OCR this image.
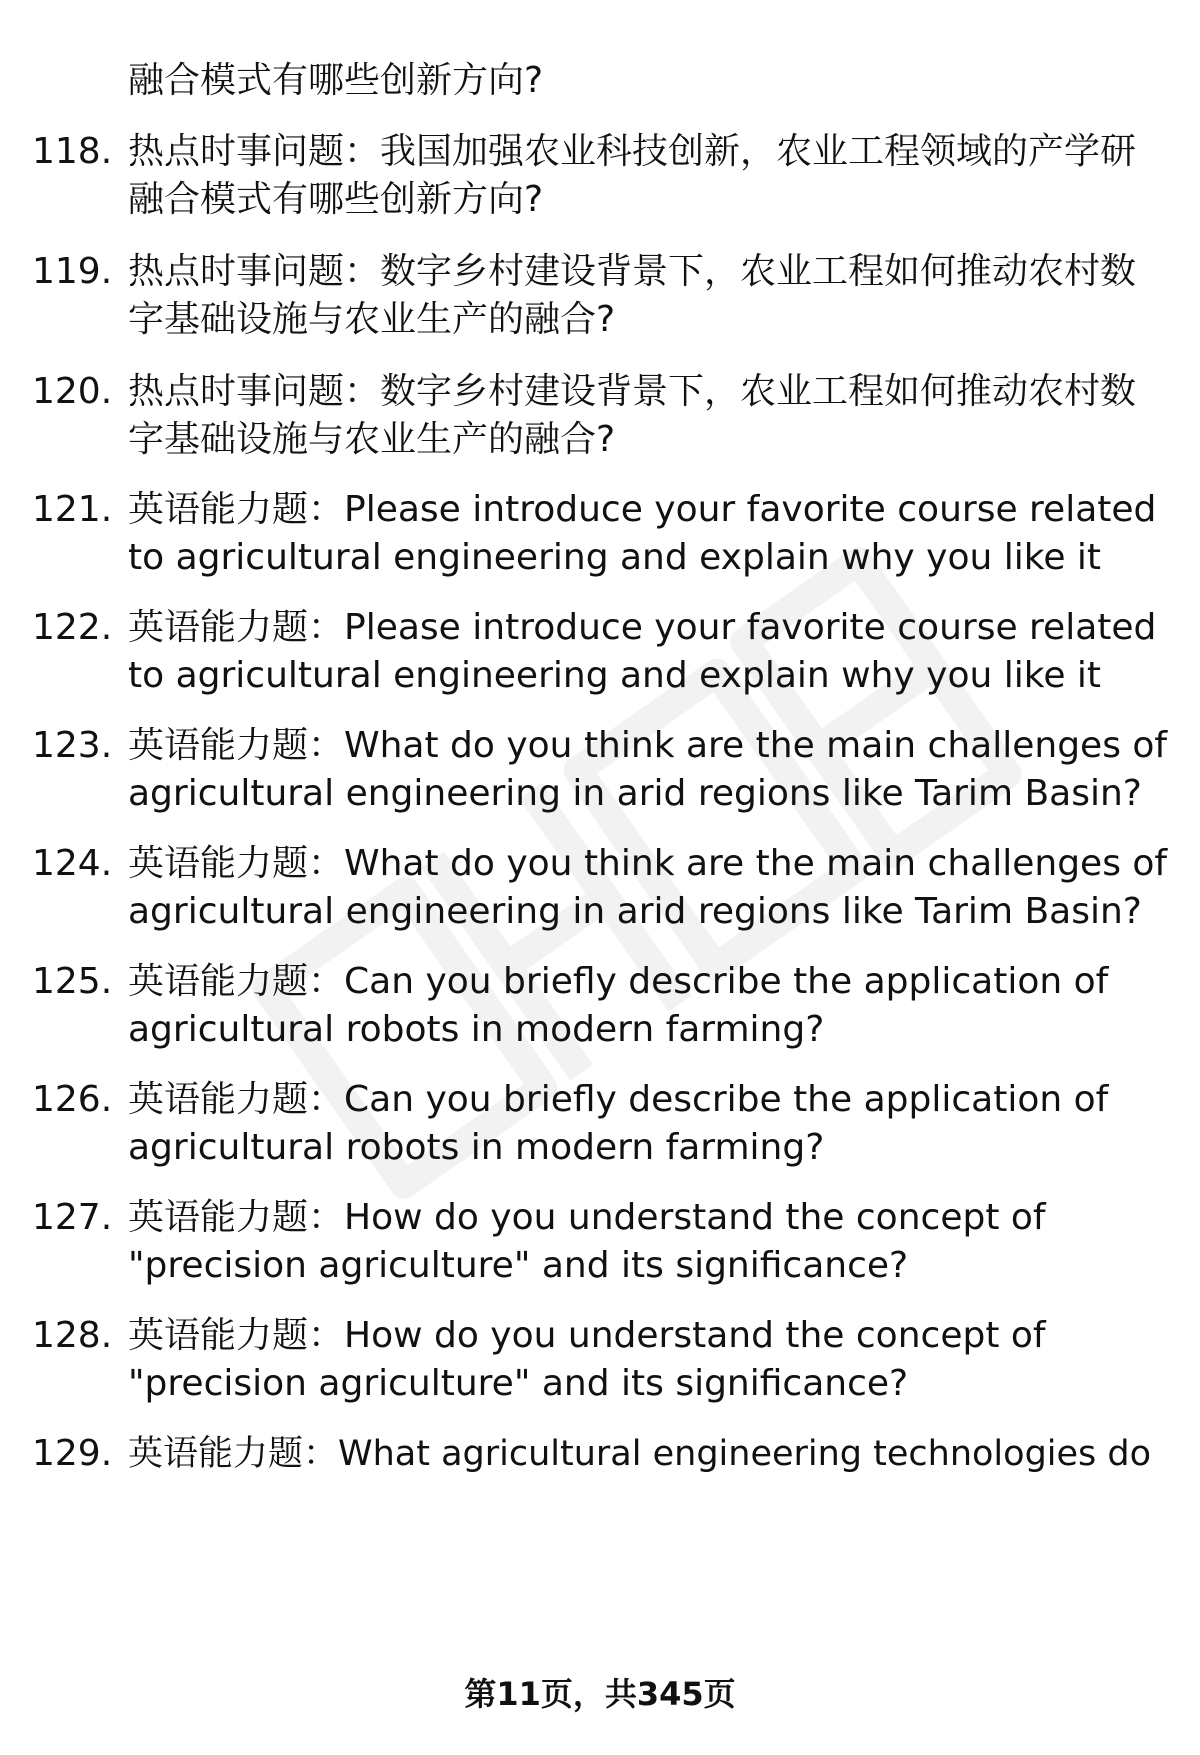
融合模式有哪些创新方向?
118. 热点时事问题：我国加强农业科技创新，农业工程领域的产学研
融合模式有哪些创新方向?
119. 热点时事问题：数字乡村建设背景下，农业工程如何推动农村数
字基础设施与农业生产的融合?
120. 热点时事问题：数字乡村建设背景下，农业工程如何推动农村数
字基础设施与农业生产的融合?
121. 英语能力题：Please introduce your favorite course related
to agricultural engineering and explain why you like it
122. 英语能力题：Please introduce your favorite course related
to agricultural engineering and explain why you like it
123. 英语能力题：What do you think are the main challenges of
agricultural engineering in arid regions like Tarim Basin?
124. 英语能力题：What do you think are the main challenges of
agricultural engineering in arid regions like Tarim Basin?
125. 英语能力题：Can you briefly describe the application of
agricultural robots in modern farming?
126. 英语能力题：Can you briefly describe the application of
agricultural robots in modern farming?
127. 英语能力题：How do you understand the concept of
"precision agriculture" and its significance?
128. 英语能力题：How do you understand the concept of
"precision agriculture" and its significance?
129. 英语能力题：What agricultural engineering technologies do
第11页，共345页
